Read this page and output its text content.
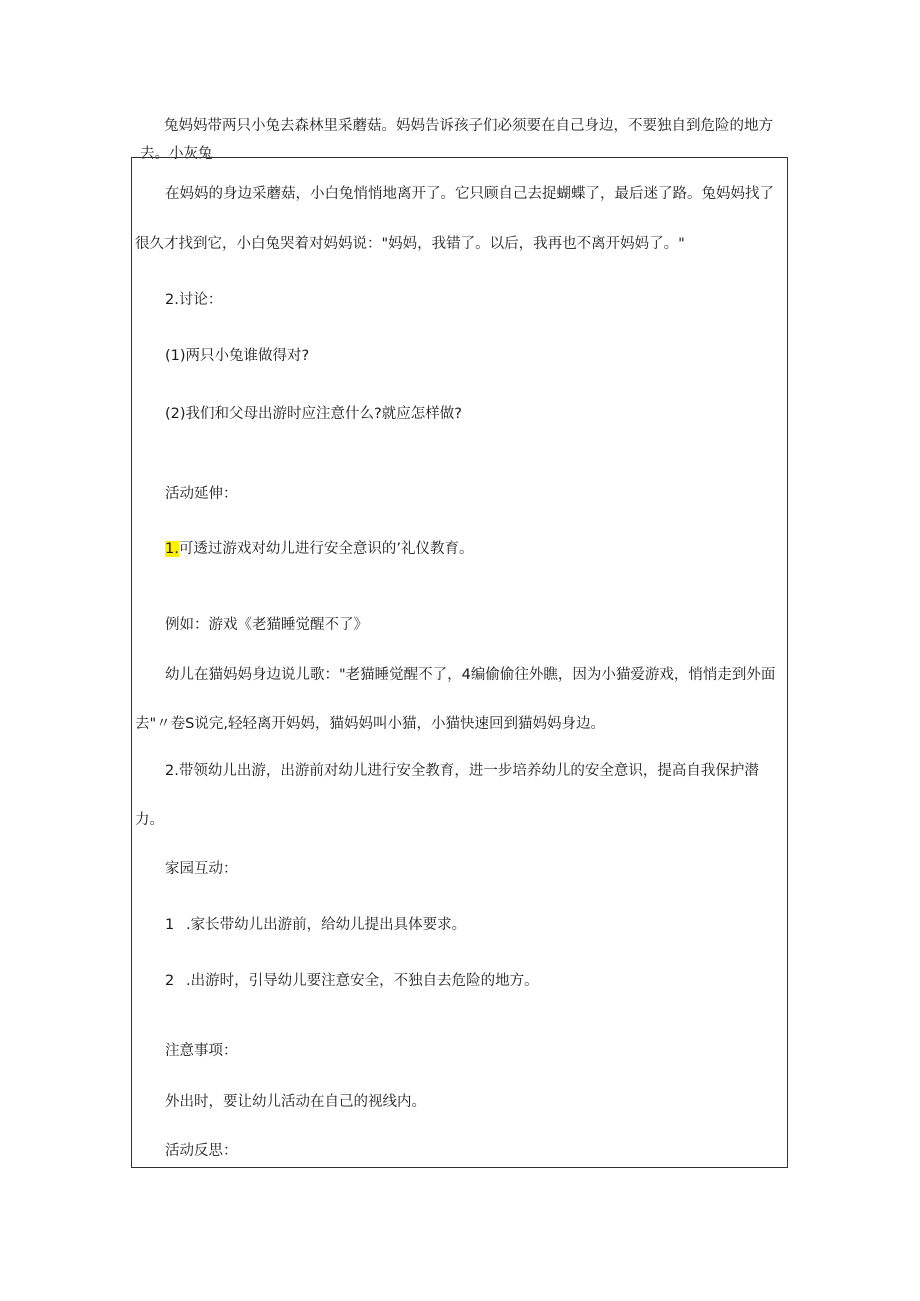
兔妈妈带两只小兔去森林里采蘑菇。妈妈告诉孩子们必须要在自己身边，不要独自到危险的地方去。小灰兔

在妈妈的身边采蘑菇，小白兔悄悄地离开了。它只顾自己去捉蝴蝶了，最后迷了路。兔妈妈找了

很久才找到它，小白兔哭着对妈妈说："妈妈，我错了。以后，我再也不离开妈妈了。"

2.讨论：

(1)两只小兔谁做得对?

(2)我们和父母出游时应注意什么?就应怎样做?

活动延伸：

1.可透过游戏对幼儿进行安全意识的’礼仪教育。

例如：游戏《老猫睡觉醒不了》

幼儿在猫妈妈身边说儿歌："老猫睡觉醒不了，4编偷偷往外瞧，因为小猫爱游戏，悄悄走到外面

去"〃卷S说完,轻轻离开妈妈，猫妈妈叫小猫，小猫快速回到猫妈妈身边。

2.带领幼儿出游，出游前对幼儿进行安全教育，进一步培养幼儿的安全意识，提高自我保护潜

力。

家园互动：

1 .家长带幼儿出游前，给幼儿提出具体要求。

2 .出游时，引导幼儿要注意安全，不独自去危险的地方。

注意事项：

外出时，要让幼儿活动在自己的视线内。

活动反思：
